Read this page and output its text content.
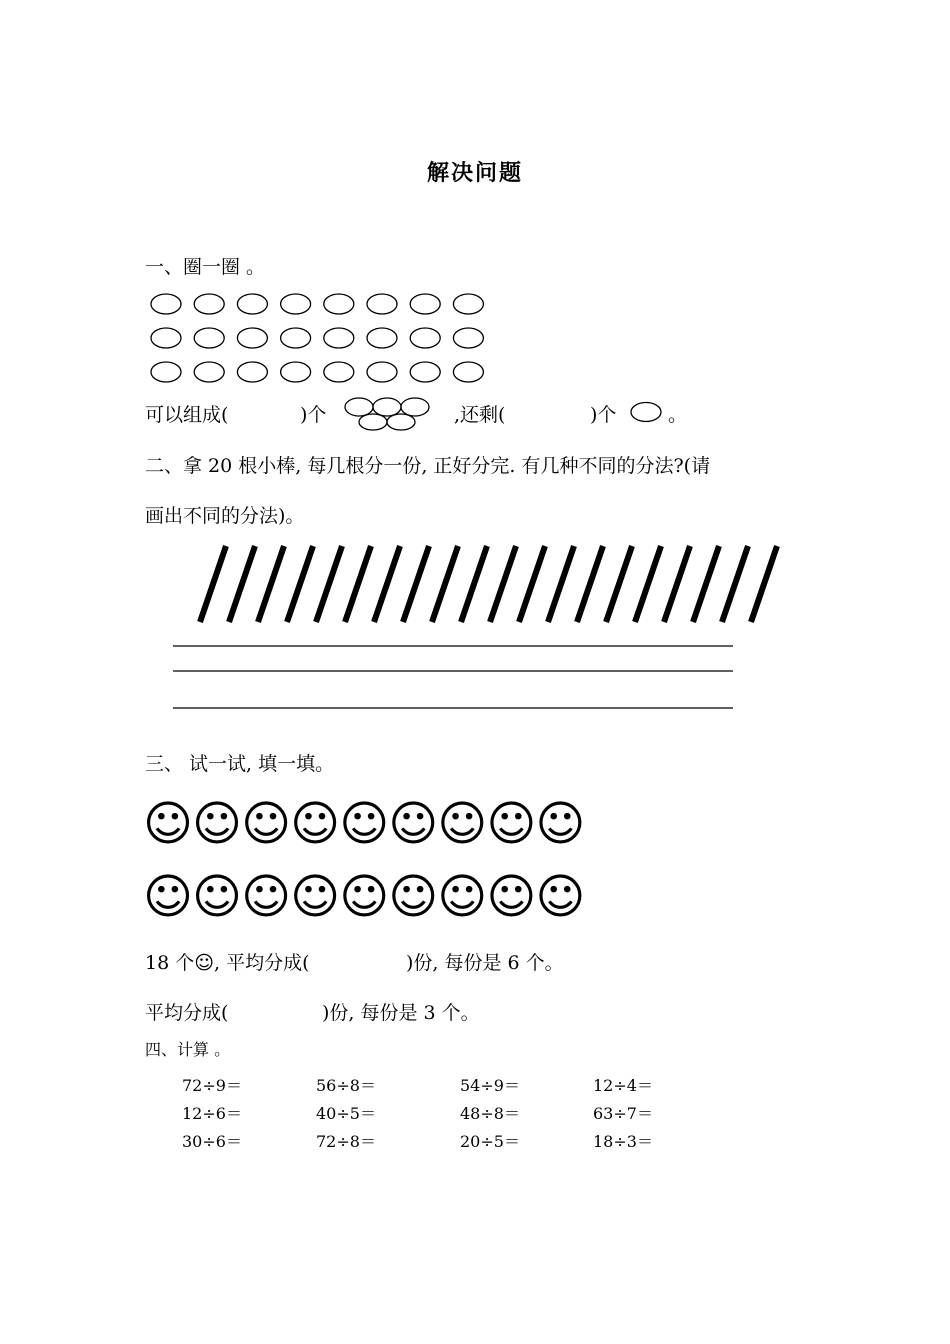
解决问题
一、圈一圈 。
可以组成(	)个	,还剩(	)个	。
二、拿 20 根小棒, 每几根分一份, 正好分完. 有几种不同的分法?(请
画出不同的分法)。
三、 试一试, 填一填。
☺☺☺☺☺☺☺☺☺
☺☺☺☺☺☺☺☺☺
18 个☺, 平均分成(	)份, 每份是 6 个。
平均分成(	)份, 每份是 3 个。
四、计算 。
72÷9＝	56÷8＝	54÷9＝	12÷4＝
12÷6＝	40÷5＝	48÷8＝	63÷7＝
30÷6＝	72÷8＝	20÷5＝	18÷3＝
